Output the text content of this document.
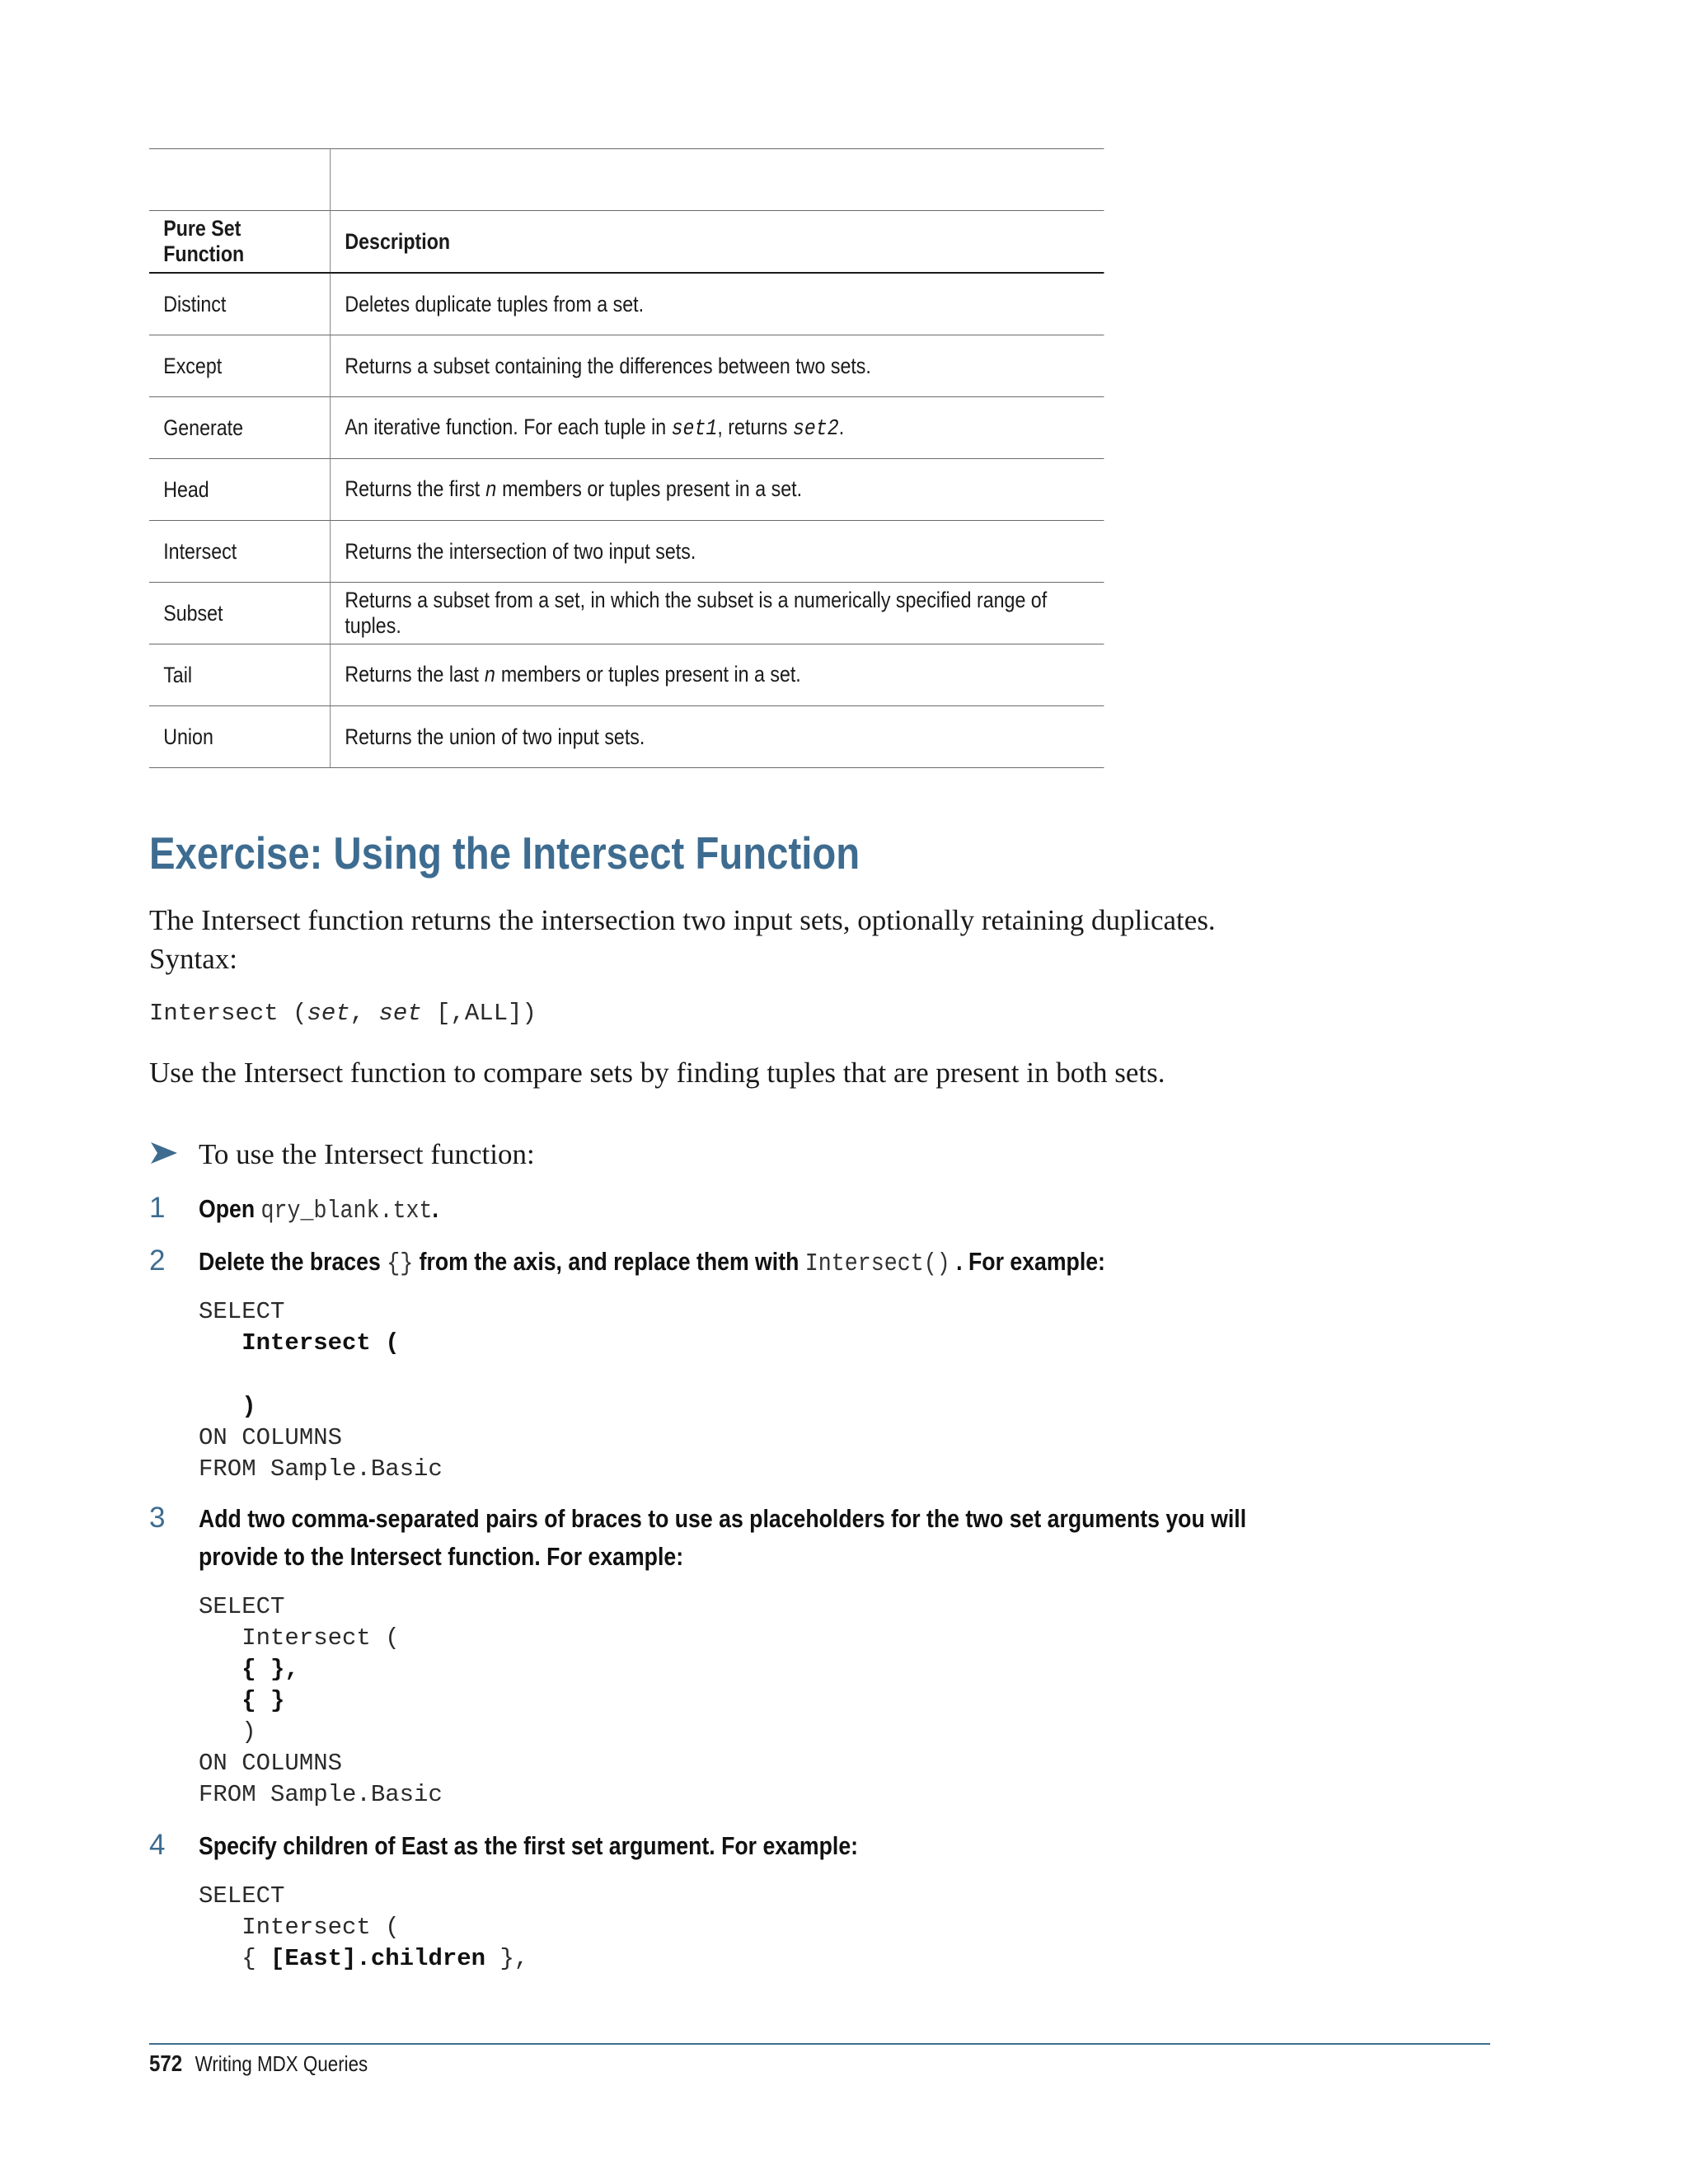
Pure Set Function	Description
Distinct	Deletes duplicate tuples from a set.
Except	Returns a subset containing the differences between two sets.
Generate	An iterative function. For each tuple in set1, returns set2.
Head	Returns the first n members or tuples present in a set.
Intersect	Returns the intersection of two input sets.
Subset	Returns a subset from a set, in which the subset is a numerically specified range of tuples.
Tail	Returns the last n members or tuples present in a set.
Union	Returns the union of two input sets.
Exercise: Using the Intersect Function
The Intersect function returns the intersection two input sets, optionally retaining duplicates.
Syntax:
Intersect (set, set [,ALL])
Use the Intersect function to compare sets by finding tuples that are present in both sets.
To use the Intersect function:
1 Open qry_blank.txt.
2 Delete the braces {} from the axis, and replace them with Intersect() . For example:
SELECT
Intersect (
)
ON COLUMNS
FROM Sample.Basic
3 Add two comma-separated pairs of braces to use as placeholders for the two set arguments you will
provide to the Intersect function. For example:
SELECT
Intersect (
{ },
{ }
)
ON COLUMNS
FROM Sample.Basic
4 Specify children of East as the first set argument. For example:
SELECT
Intersect (
{ [East].children },
572 Writing MDX Queries
